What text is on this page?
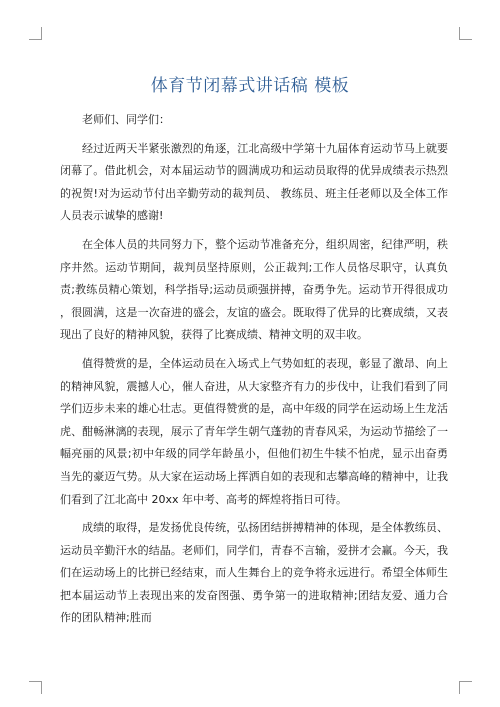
体育节闭幕式讲话稿 模板

老师们、同学们：

经过近两天半紧张激烈的角逐，江北高级中学第十九届体育运动节马上就要闭幕了。借此机会，对本届运动节的圆满成功和运动员取得的优异成绩表示热烈的祝贺!对为运动节付出辛勤劳动的裁判员、 教练员、班主任老师以及全体工作人员表示诚挚的感谢!

在全体人员的共同努力下，整个运动节准备充分，组织周密，纪律严明，秩序井然。运动节期间，裁判员坚持原则，公正裁判;工作人员恪尽职守，认真负责;教练员精心策划，科学指导;运动员顽强拼搏，奋勇争先。运动节开得很成功，很圆满，这是一次奋进的盛会，友谊的盛会。既取得了优异的比赛成绩，又表现出了良好的精神风貌，获得了比赛成绩、精神文明的双丰收。

值得赞赏的是，全体运动员在入场式上气势如虹的表现，彰显了激昂、向上的精神风貌，震撼人心，催人奋进，从大家整齐有力的步伐中，让我们看到了同学们迈步未来的雄心壮志。更值得赞赏的是，高中年级的同学在运动场上生龙活虎、酣畅淋漓的表现，展示了青年学生朝气蓬勃的青春风采，为运动节描绘了一幅亮丽的风景;初中年级的同学年龄虽小，但他们初生牛犊不怕虎，显示出奋勇当先的豪迈气势。从大家在运动场上挥洒自如的表现和志攀高峰的精神中，让我们看到了江北高中 20xx 年中考、高考的辉煌将指日可待。

成绩的取得，是发扬优良传统，弘扬团结拼搏精神的体现，是全体教练员、运动员辛勤汗水的结晶。老师们，同学们，青春不言输，爱拼才会赢。今天，我们在运动场上的比拼已经结束，而人生舞台上的竞争将永远进行。希望全体师生把本届运动节上表现出来的发奋图强、勇争第一的进取精神;团结友爱、通力合作的团队精神;胜而
